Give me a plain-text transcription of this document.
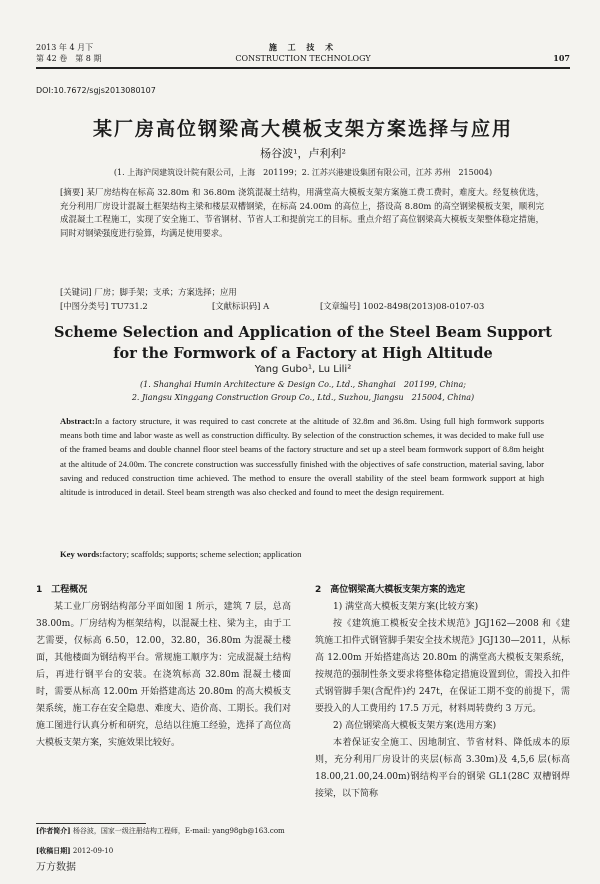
2013 年 4 月下
第 42 卷　第 8 期
施 工 技 术
CONSTRUCTION TECHNOLOGY	107
DOI:10.7672/sgjs2013080107
某厂房高位钢梁高大模板支架方案选择与应用
杨谷波¹，卢利利²
(1. 上海沪闵建筑设计院有限公司，上海　201199；2. 江苏兴港建设集团有限公司，江苏 苏州　215004)
[摘要] 某厂房结构在标高 32.80m 和 36.80m 浇筑混凝土结构，用满堂高大模板支架方案施工费工费时，难度大。经复核优选，充分利用厂房设计混凝土框架结构主梁和楼层双槽钢梁，在标高 24.00m 的高位上，搭设高 8.80m 的高空钢梁模板支架，顺利完成混凝土工程施工，实现了安全施工、节省钢材、节省人工和提前完工的目标。重点介绍了高位钢梁高大模板支架整体稳定措施，同时对钢梁强度进行验算，均满足使用要求。
[关键词] 厂房；脚手架；支承；方案选择；应用
[中图分类号] TU731.2	[文献标识码] A	[文章编号] 1002-8498(2013)08-0107-03
Scheme Selection and Application of the Steel Beam Support
for the Formwork of a Factory at High Altitude
Yang Gubo¹, Lu Lili²
(1. Shanghai Humin Architecture & Design Co., Ltd., Shanghai　201199, China;
2. Jiangsu Xinggang Construction Group Co., Ltd., Suzhou, Jiangsu　215004, China)
Abstract:In a factory structure, it was required to cast concrete at the altitude of 32.8m and 36.8m. Using full high formwork supports means both time and labor waste as well as construction difficulty. By selection of the construction schemes, it was decided to make full use of the framed beams and double channel floor steel beams of the factory structure and set up a steel beam formwork support of 8.8m height at the altitude of 24.00m. The concrete construction was successfully finished with the objectives of safe construction, material saving, labor saving and reduced construction time achieved. The method to ensure the overall stability of the steel beam formwork support at high altitude is introduced in detail. Steel beam strength was also checked and found to meet the design requirement.
Key words:factory; scaffolds; supports; scheme selection; application
1　工程概况
某工业厂房钢结构部分平面如图 1 所示，建筑 7 层，总高 38.00m。厂房结构为框架结构，以混凝土柱、梁为主，由于工艺需要，仅标高 6.50，12.00，32.80，36.80m 为混凝土楼面，其他楼面为钢结构平台。常规施工顺序为：完成混凝土结构后，再进行钢平台的安装。在浇筑标高 32.80m 混凝土楼面时，需要从标高 12.00m 开始搭建高达 20.80m 的高大模板支架系统，施工存在安全隐患、难度大、造价高、工期长。我们对施工图进行认真分析和研究，总结以往施工经验，选择了高位高大模板支架方案，实施效果比较好。
2　高位钢梁高大模板支架方案的选定
1) 满堂高大模板支架方案(比较方案)
按《建筑施工模板安全技术规范》JGJ162—2008 和《建筑施工扣件式钢管脚手架安全技术规范》JGJ130—2011，从标高 12.00m 开始搭建高达 20.80m 的满堂高大模板支架系统，按规范的强制性条文要求将整体稳定措施设置到位，需投入扣件式钢管脚手架(含配件)约 247t，在保证工期不变的前提下，需要投入的人工费用约 17.5 万元，材料周转费约 3 万元。
2) 高位钢梁高大模板支架方案(选用方案)
本着保证安全施工、因地制宜、节省材料、降低成本的原则，充分利用厂房设计的夹层(标高 3.30m)及 4,5,6 层(标高 18.00,21.00,24.00m)钢结构平台的钢梁 GL1(28C 双槽钢焊接梁，以下简称
[作者简介] 杨谷波，国家一级注册结构工程师，E-mail: yang98gb@163.com
[收稿日期] 2012-09-10
万方数据
